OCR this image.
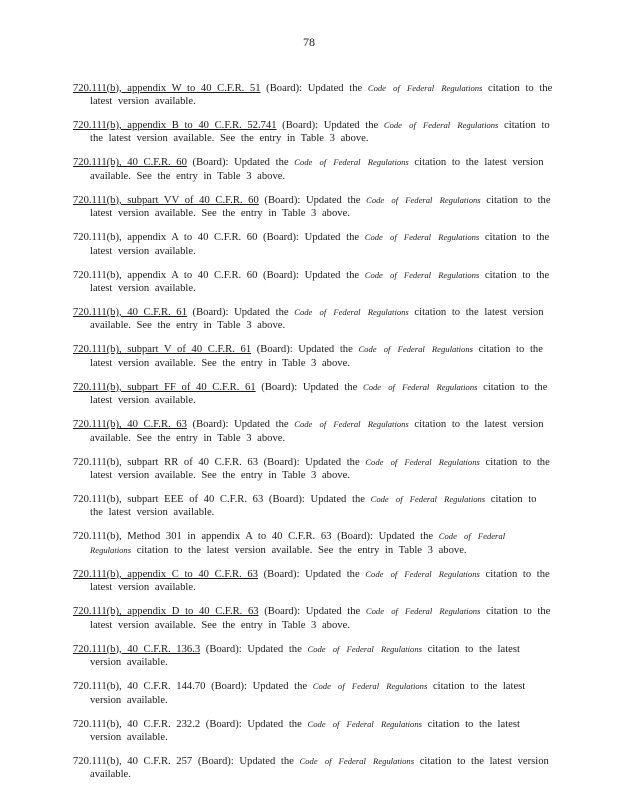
78

720.111(b), appendix W to 40 C.F.R. 51 (Board): Updated the Code of Federal Regulations citation to the latest version available.

720.111(b), appendix B to 40 C.F.R. 52.741 (Board): Updated the Code of Federal Regulations citation to the latest version available. See the entry in Table 3 above.

720.111(b), 40 C.F.R. 60 (Board): Updated the Code of Federal Regulations citation to the latest version available. See the entry in Table 3 above.

720.111(b), subpart VV of 40 C.F.R. 60 (Board): Updated the Code of Federal Regulations citation to the latest version available. See the entry in Table 3 above.

720.111(b), appendix A to 40 C.F.R. 60 (Board): Updated the Code of Federal Regulations citation to the latest version available.

720.111(b), appendix A to 40 C.F.R. 60 (Board): Updated the Code of Federal Regulations citation to the latest version available.

720.111(b), 40 C.F.R. 61 (Board): Updated the Code of Federal Regulations citation to the latest version available. See the entry in Table 3 above.

720.111(b), subpart V of 40 C.F.R. 61 (Board): Updated the Code of Federal Regulations citation to the latest version available. See the entry in Table 3 above.

720.111(b), subpart FF of 40 C.F.R. 61 (Board): Updated the Code of Federal Regulations citation to the latest version available.

720.111(b), 40 C.F.R. 63 (Board): Updated the Code of Federal Regulations citation to the latest version available. See the entry in Table 3 above.

720.111(b), subpart RR of 40 C.F.R. 63 (Board): Updated the Code of Federal Regulations citation to the latest version available. See the entry in Table 3 above.

720.111(b), subpart EEE of 40 C.F.R. 63 (Board): Updated the Code of Federal Regulations citation to the latest version available.

720.111(b), Method 301 in appendix A to 40 C.F.R. 63 (Board): Updated the Code of Federal Regulations citation to the latest version available. See the entry in Table 3 above.

720.111(b), appendix C to 40 C.F.R. 63 (Board): Updated the Code of Federal Regulations citation to the latest version available.

720.111(b), appendix D to 40 C.F.R. 63 (Board): Updated the Code of Federal Regulations citation to the latest version available. See the entry in Table 3 above.

720.111(b), 40 C.F.R. 136.3 (Board): Updated the Code of Federal Regulations citation to the latest version available.

720.111(b), 40 C.F.R. 144.70 (Board): Updated the Code of Federal Regulations citation to the latest version available.

720.111(b), 40 C.F.R. 232.2 (Board): Updated the Code of Federal Regulations citation to the latest version available.

720.111(b), 40 C.F.R. 257 (Board): Updated the Code of Federal Regulations citation to the latest version available.
